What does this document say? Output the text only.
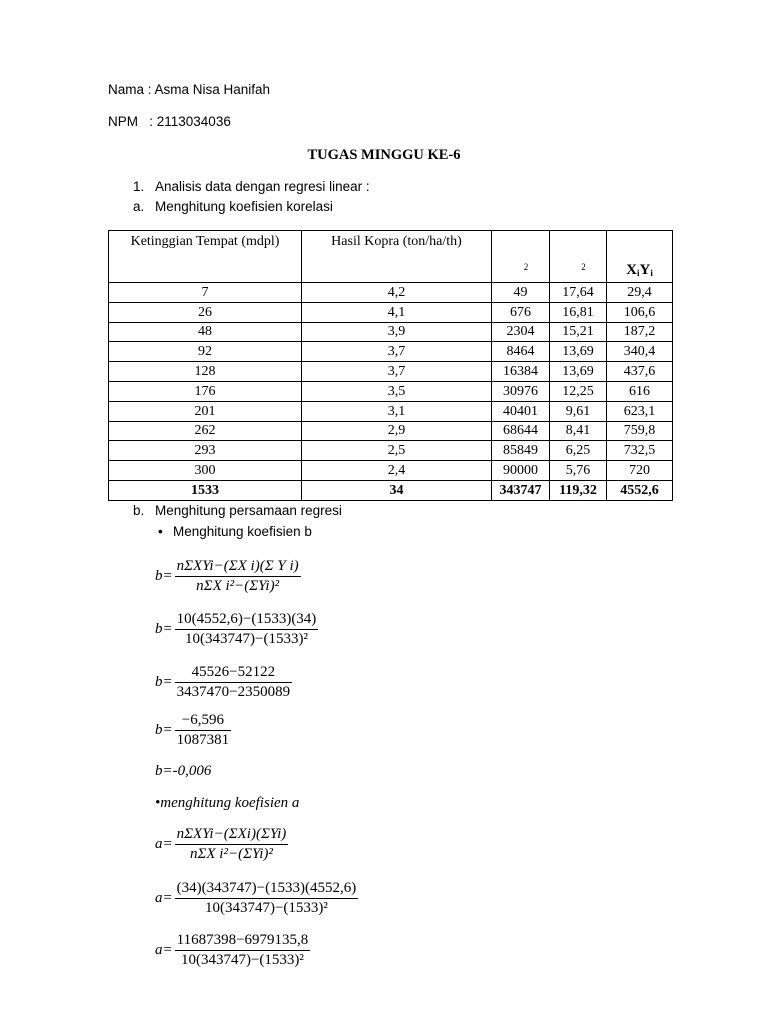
Nama : Asma Nisa Hanifah
NPM   : 2113034036
TUGAS MINGGU KE-6
1. Analisis data dengan regresi linear :
a. Menghitung koefisien korelasi
Ketinggian Tempat (mdpl)	Hasil Kopra (ton/ha/th)	2	2	$X_iY_i$
7	4,2	49	17,64	29,4
26	4,1	676	16,81	106,6
48	3,9	2304	15,21	187,2
92	3,7	8464	13,69	340,4
128	3,7	16384	13,69	437,6
176	3,5	30976	12,25	616
201	3,1	40401	9,61	623,1
262	2,9	68644	8,41	759,8
293	2,5	85849	6,25	732,5
300	2,4	90000	5,76	720
1533	34	343747	119,32	4552,6
b. Menghitung persamaan regresi
• Menghitung koefisien b
$b= \frac{\text{nΣXYi−(ΣX i)(Σ Y i)}}{\text{nΣX i²−(ΣYi)²}}$
$b= \frac{10(4552,6)-(1533)(34)}{\text{10(343747)−(1533)²}}$
$b= \frac{45526-52122}{3437470-2350089}$
$b= \frac{-6,596}{1087381}$
b=-0,006
•menghitung koefisien a
$a= \frac{\text{nΣXYi−(ΣXi)(ΣYi)}}{\text{nΣX i²−(ΣYi)²}}$
$a= \frac{(34)(343747)-(1533)(4552,6)}{\text{10(343747)−(1533)²}}$
$a= \frac{11687398-6979135,8}{\text{10(343747)−(1533)²}}$
